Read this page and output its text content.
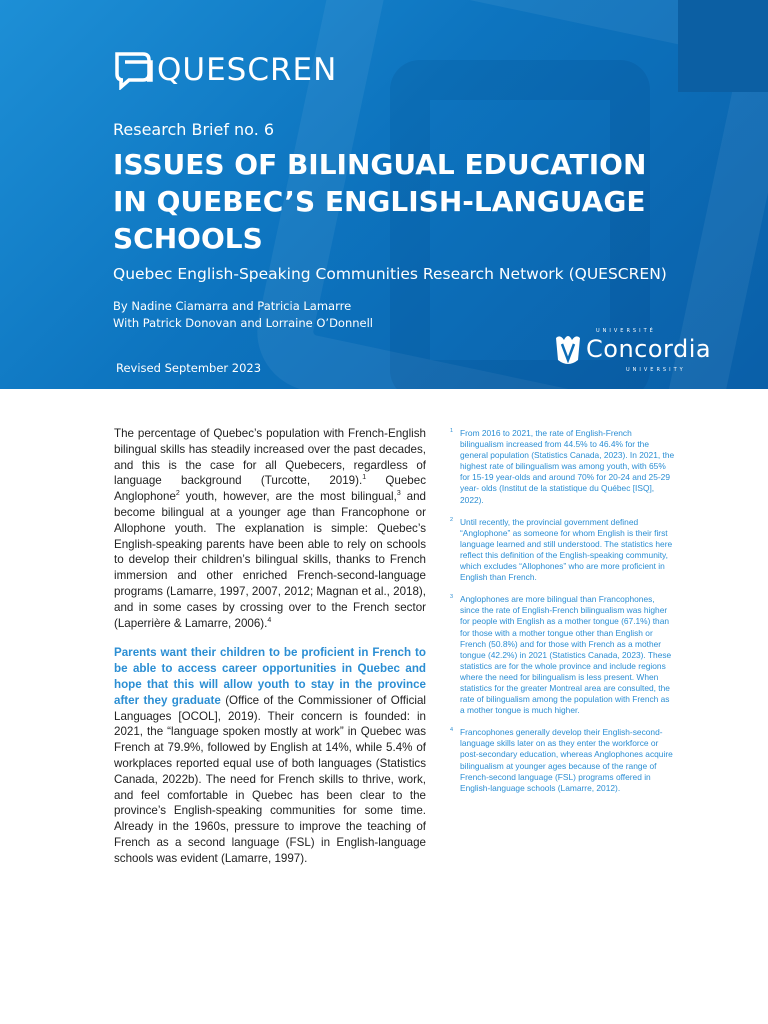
QUESCREN
Research Brief no. 6
ISSUES OF BILINGUAL EDUCATION
IN QUEBEC’S ENGLISH-LANGUAGE
SCHOOLS
Quebec English-Speaking Communities Research Network (QUESCREN)
By Nadine Ciamarra and Patricia Lamarre
With Patrick Donovan and Lorraine O’Donnell
Revised September 2023
UNIVERSITÉ
Concordia
UNIVERSITY

The percentage of Quebec’s population with French-English bilingual skills has steadily increased over the past decades, and this is the case for all Quebecers, regardless of language background (Turcotte, 2019).$^1$ Quebec Anglophone$^2$ youth, however, are the most bilingual,$^3$ and become bilingual at a younger age than Francophone or Allophone youth. The explanation is simple: Quebec’s English-speaking parents have been able to rely on schools to develop their children’s bilingual skills, thanks to French immersion and other enriched French-second-language programs (Lamarre, 1997, 2007, 2012; Magnan et al., 2018), and in some cases by crossing over to the French sector (Laperrière & Lamarre, 2006).$^4$

Parents want their children to be proficient in French to be able to access career opportunities in Quebec and hope that this will allow youth to stay in the province after they graduate (Office of the Commissioner of Official Languages [OCOL], 2019). Their concern is founded: in 2021, the “language spoken mostly at work” in Quebec was French at 79.9%, followed by English at 14%, while 5.4% of workplaces reported equal use of both languages (Statistics Canada, 2022b). The need for French skills to thrive, work, and feel comfortable in Quebec has been clear to the province’s English-speaking communities for some time. Already in the 1960s, pressure to improve the teaching of French as a second language (FSL) in English-language schools was evident (Lamarre, 1997).

1 From 2016 to 2021, the rate of English-French bilingualism increased from 44.5% to 46.4% for the general population (Statistics Canada, 2023). In 2021, the highest rate of bilingualism was among youth, with 65% for 15-19 year-olds and around 70% for 20-24 and 25-29 year- olds (Institut de la statistique du Québec [ISQ], 2022).
2 Until recently, the provincial government defined “Anglophone” as someone for whom English is their first language learned and still understood. The statistics here reflect this definition of the English-speaking community, which excludes “Allophones” who are more proficient in English than French.
3 Anglophones are more bilingual than Francophones, since the rate of English-French bilingualism was higher for people with English as a mother tongue (67.1%) than for those with a mother tongue other than English or French (50.8%) and for those with French as a mother tongue (42.2%) in 2021 (Statistics Canada, 2023). These statistics are for the whole province and include regions where the need for bilingualism is less present. When statistics for the greater Montreal area are consulted, the rate of bilingualism among the population with French as a mother tongue is much higher.
4 Francophones generally develop their English-second-language skills later on as they enter the workforce or post-secondary education, whereas Anglophones acquire bilingualism at younger ages because of the range of French-second language (FSL) programs offered in English-language schools (Lamarre, 2012).
